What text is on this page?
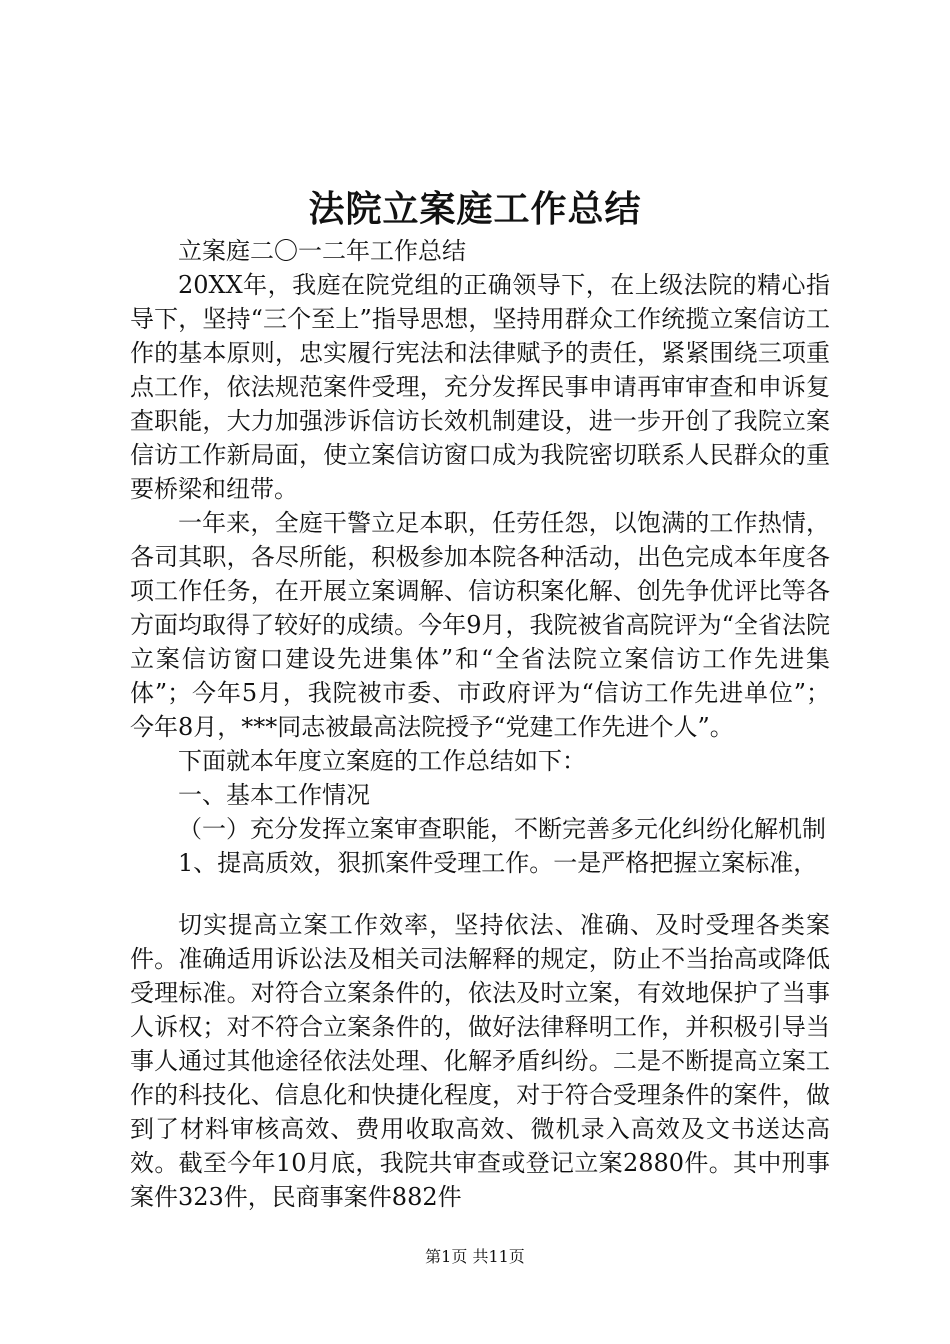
法院立案庭工作总结

立案庭二〇一二年工作总结

20XX年，我庭在院党组的正确领导下，在上级法院的精心指导下，坚持“三个至上”指导思想，坚持用群众工作统揽立案信访工作的基本原则，忠实履行宪法和法律赋予的责任，紧紧围绕三项重点工作，依法规范案件受理，充分发挥民事申请再审审查和申诉复查职能，大力加强涉诉信访长效机制建设，进一步开创了我院立案信访工作新局面，使立案信访窗口成为我院密切联系人民群众的重要桥梁和纽带。

一年来，全庭干警立足本职，任劳任怨，以饱满的工作热情，各司其职，各尽所能，积极参加本院各种活动，出色完成本年度各项工作任务，在开展立案调解、信访积案化解、创先争优评比等各方面均取得了较好的成绩。今年9月，我院被省高院评为“全省法院立案信访窗口建设先进集体”和“全省法院立案信访工作先进集体”；今年5月，我院被市委、市政府评为“信访工作先进单位”；今年8月，***同志被最高法院授予“党建工作先进个人”。

下面就本年度立案庭的工作总结如下：

一、基本工作情况

（一）充分发挥立案审查职能，不断完善多元化纠纷化解机制

1、提高质效，狠抓案件受理工作。一是严格把握立案标准，

切实提高立案工作效率，坚持依法、准确、及时受理各类案件。准确适用诉讼法及相关司法解释的规定，防止不当抬高或降低受理标准。对符合立案条件的，依法及时立案，有效地保护了当事人诉权；对不符合立案条件的，做好法律释明工作，并积极引导当事人通过其他途径依法处理、化解矛盾纠纷。二是不断提高立案工作的科技化、信息化和快捷化程度，对于符合受理条件的案件，做到了材料审核高效、费用收取高效、微机录入高效及文书送达高效。截至今年10月底，我院共审查或登记立案2880件。其中刑事案件323件，民商事案件882件

第1页 共11页
